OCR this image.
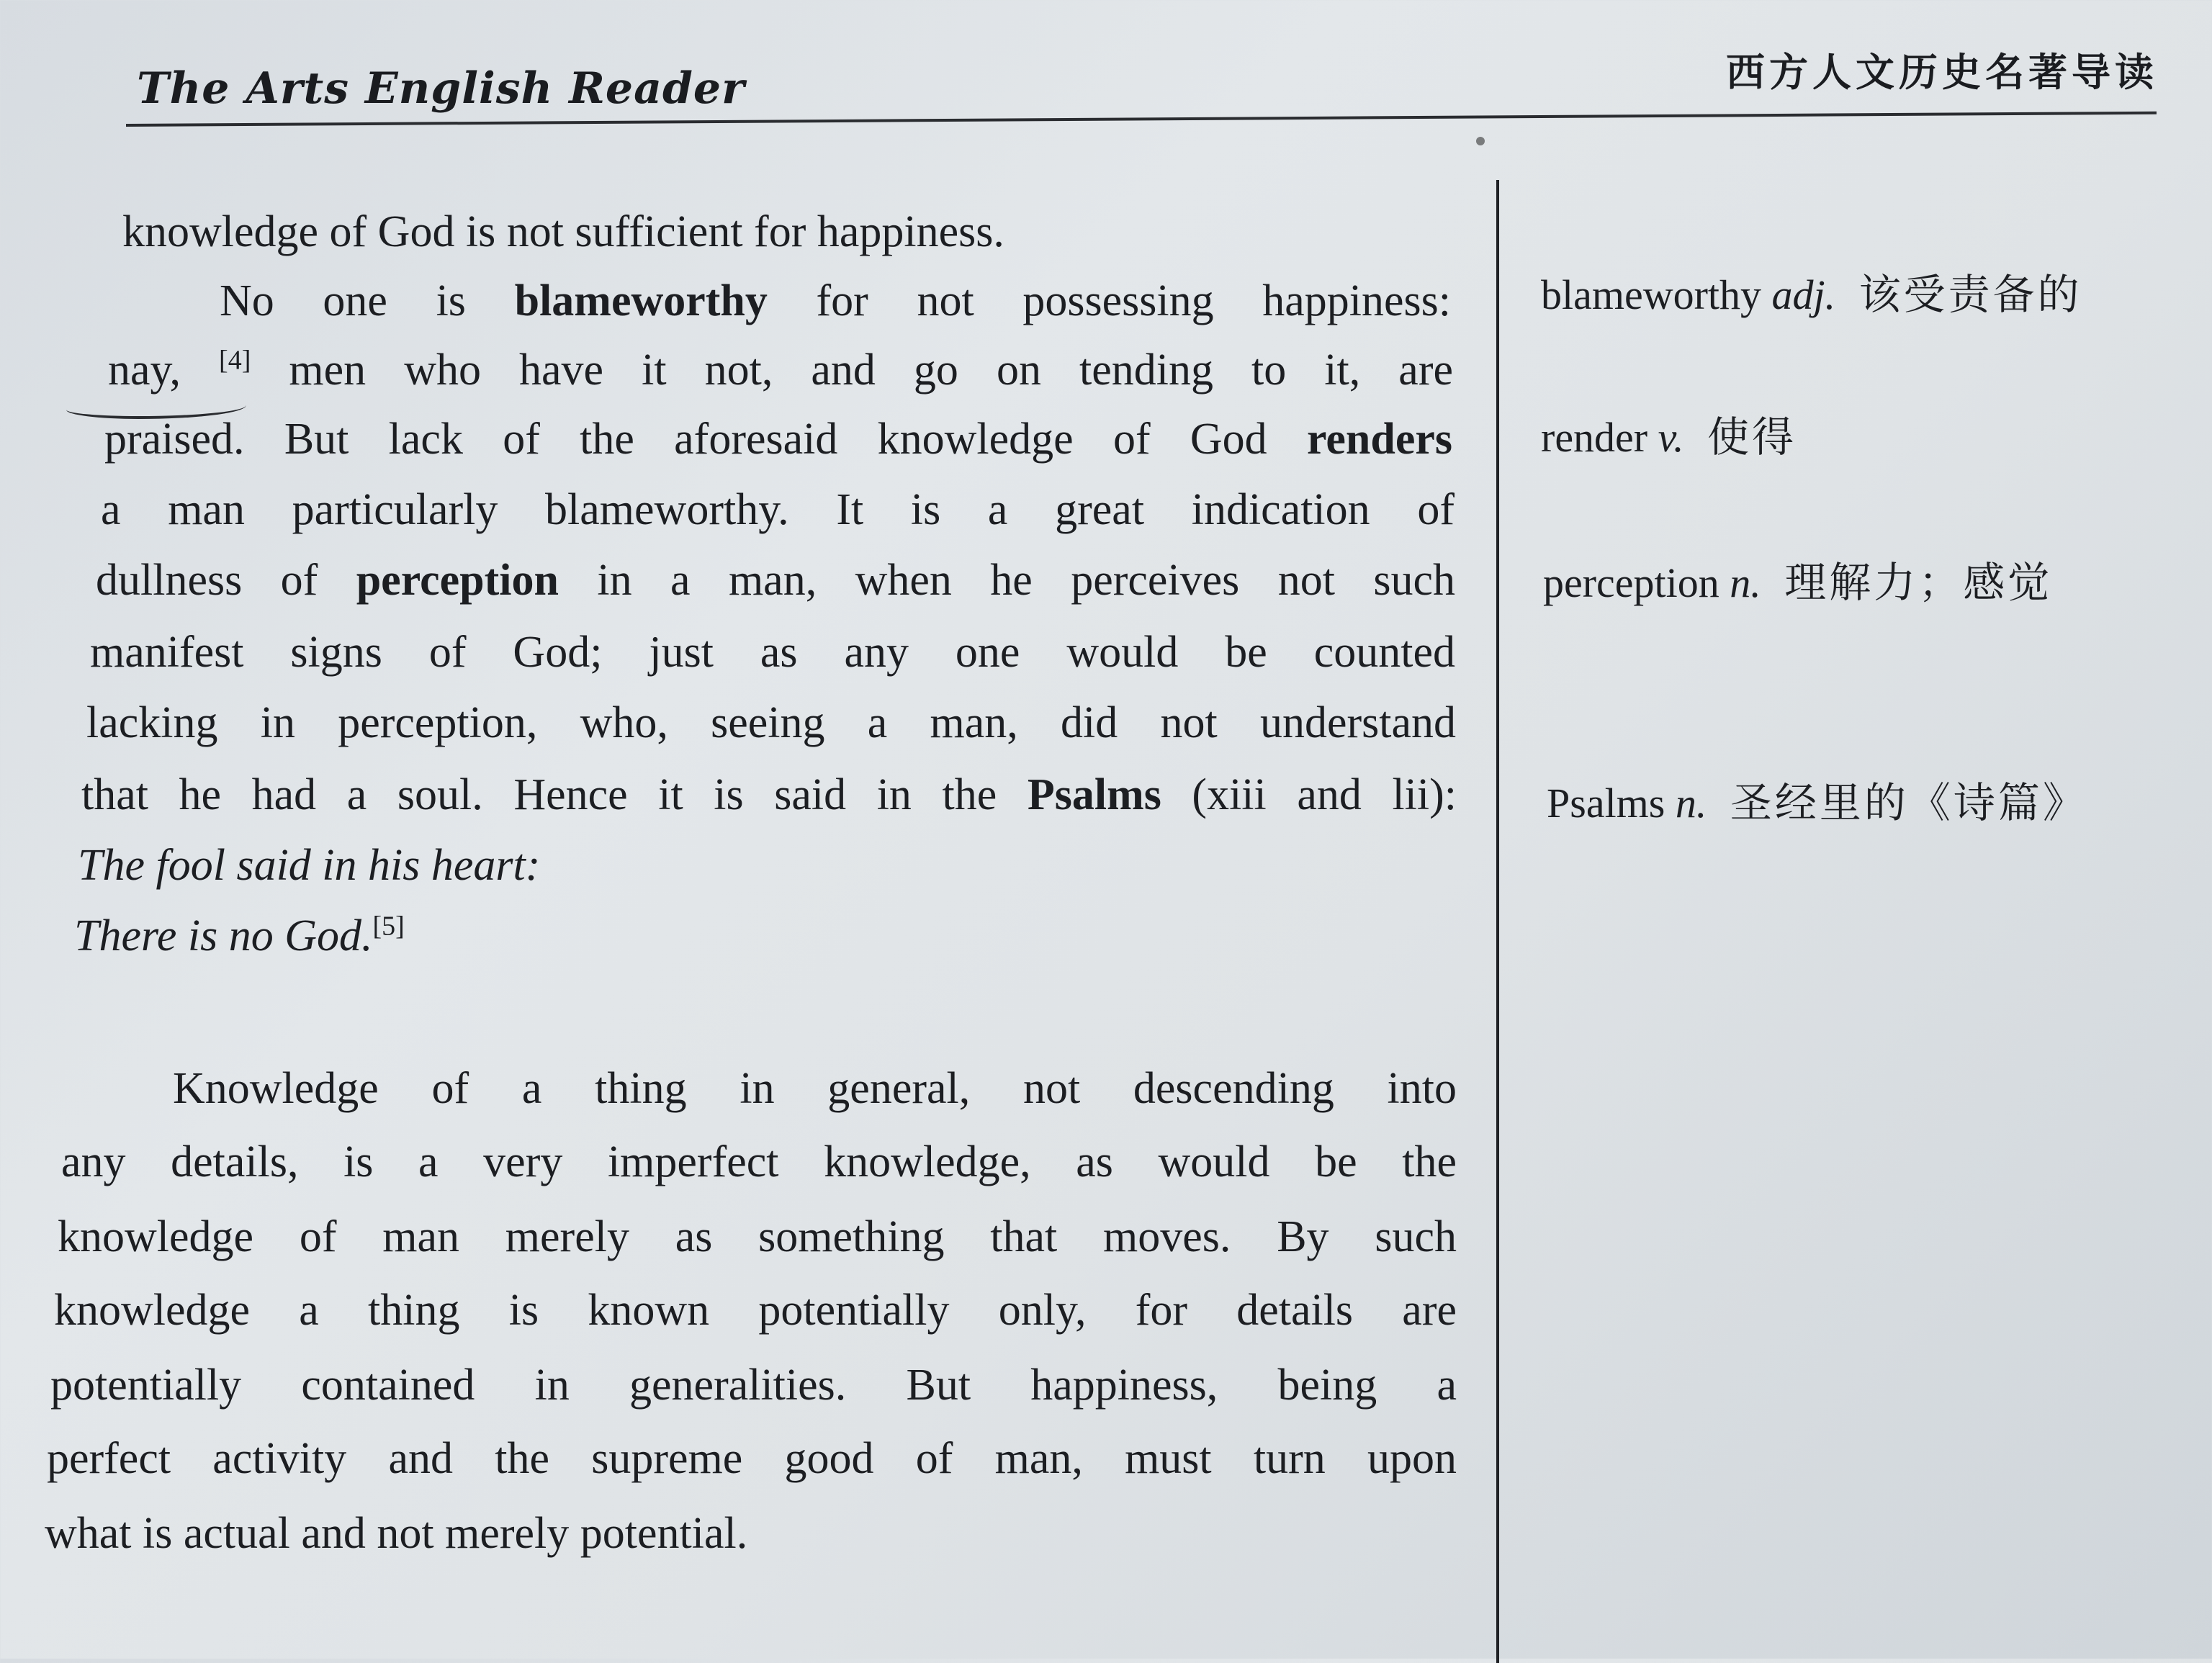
The Arts English Reader	西方人文历史名著导读
knowledge of God is not sufficient for happiness.
No one is blameworthy for not possessing happiness:
nay, [4] men who have it not, and go on tending to it, are
praised. But lack of the aforesaid knowledge of God renders
a man particularly blameworthy. It is a great indication of
dullness of perception in a man, when he perceives not such
manifest signs of God; just as any one would be counted
lacking in perception, who, seeing a man, did not understand
that he had a soul. Hence it is said in the Psalms (xiii and lii):
The fool said in his heart:
There is no God.[5]
Knowledge of a thing in general, not descending into
any details, is a very imperfect knowledge, as would be the
knowledge of man merely as something that moves. By such
knowledge a thing is known potentially only, for details are
potentially contained in generalities. But happiness, being a
perfect activity and the supreme good of man, must turn upon
what is actual and not merely potential.
blameworthy adj. 该受责备的
render v. 使得
perception n. 理解力；感觉
Psalms n. 圣经里的《诗篇》
